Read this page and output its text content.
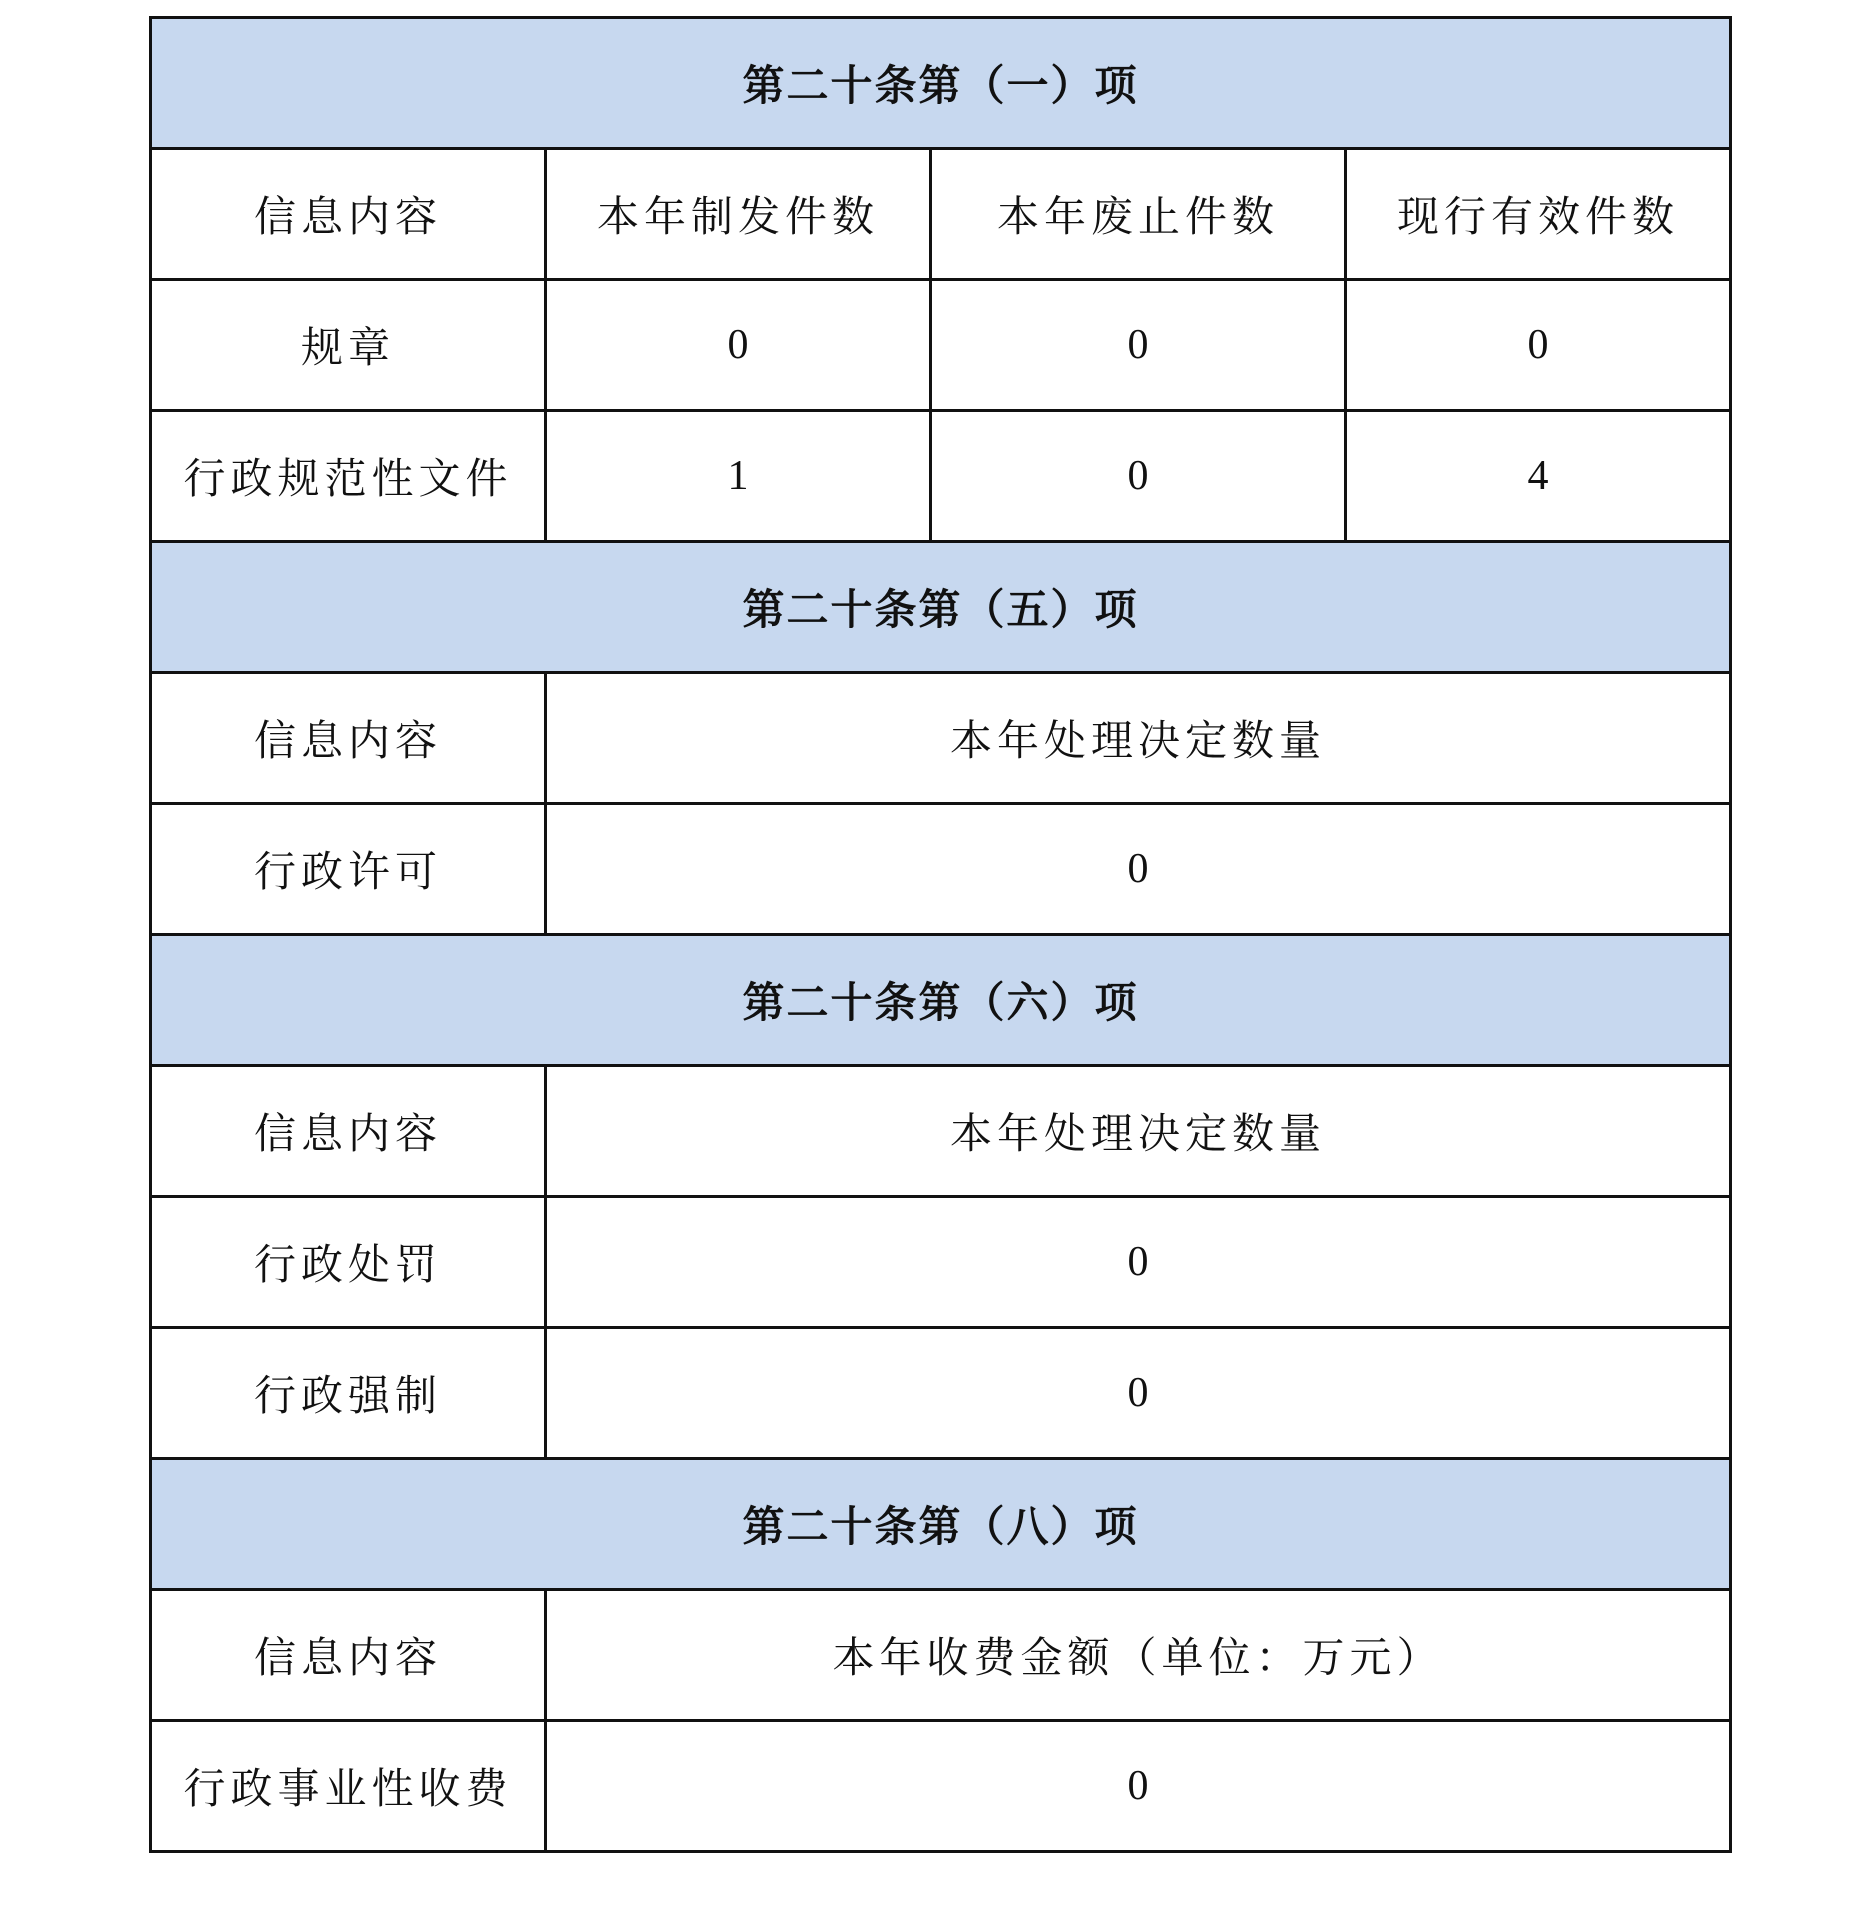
第二十条第（一）项			
信息内容	本年制发件数	本年废止件数	现行有效件数
规章	0	0	0
行政规范性文件	1	0	4
第二十条第（五）项			
信息内容	本年处理决定数量		
行政许可	0		
第二十条第（六）项			
信息内容	本年处理决定数量		
行政处罚	0		
行政强制	0		
第二十条第（八）项			
信息内容	本年收费金额（单位：万元）		
行政事业性收费	0		
